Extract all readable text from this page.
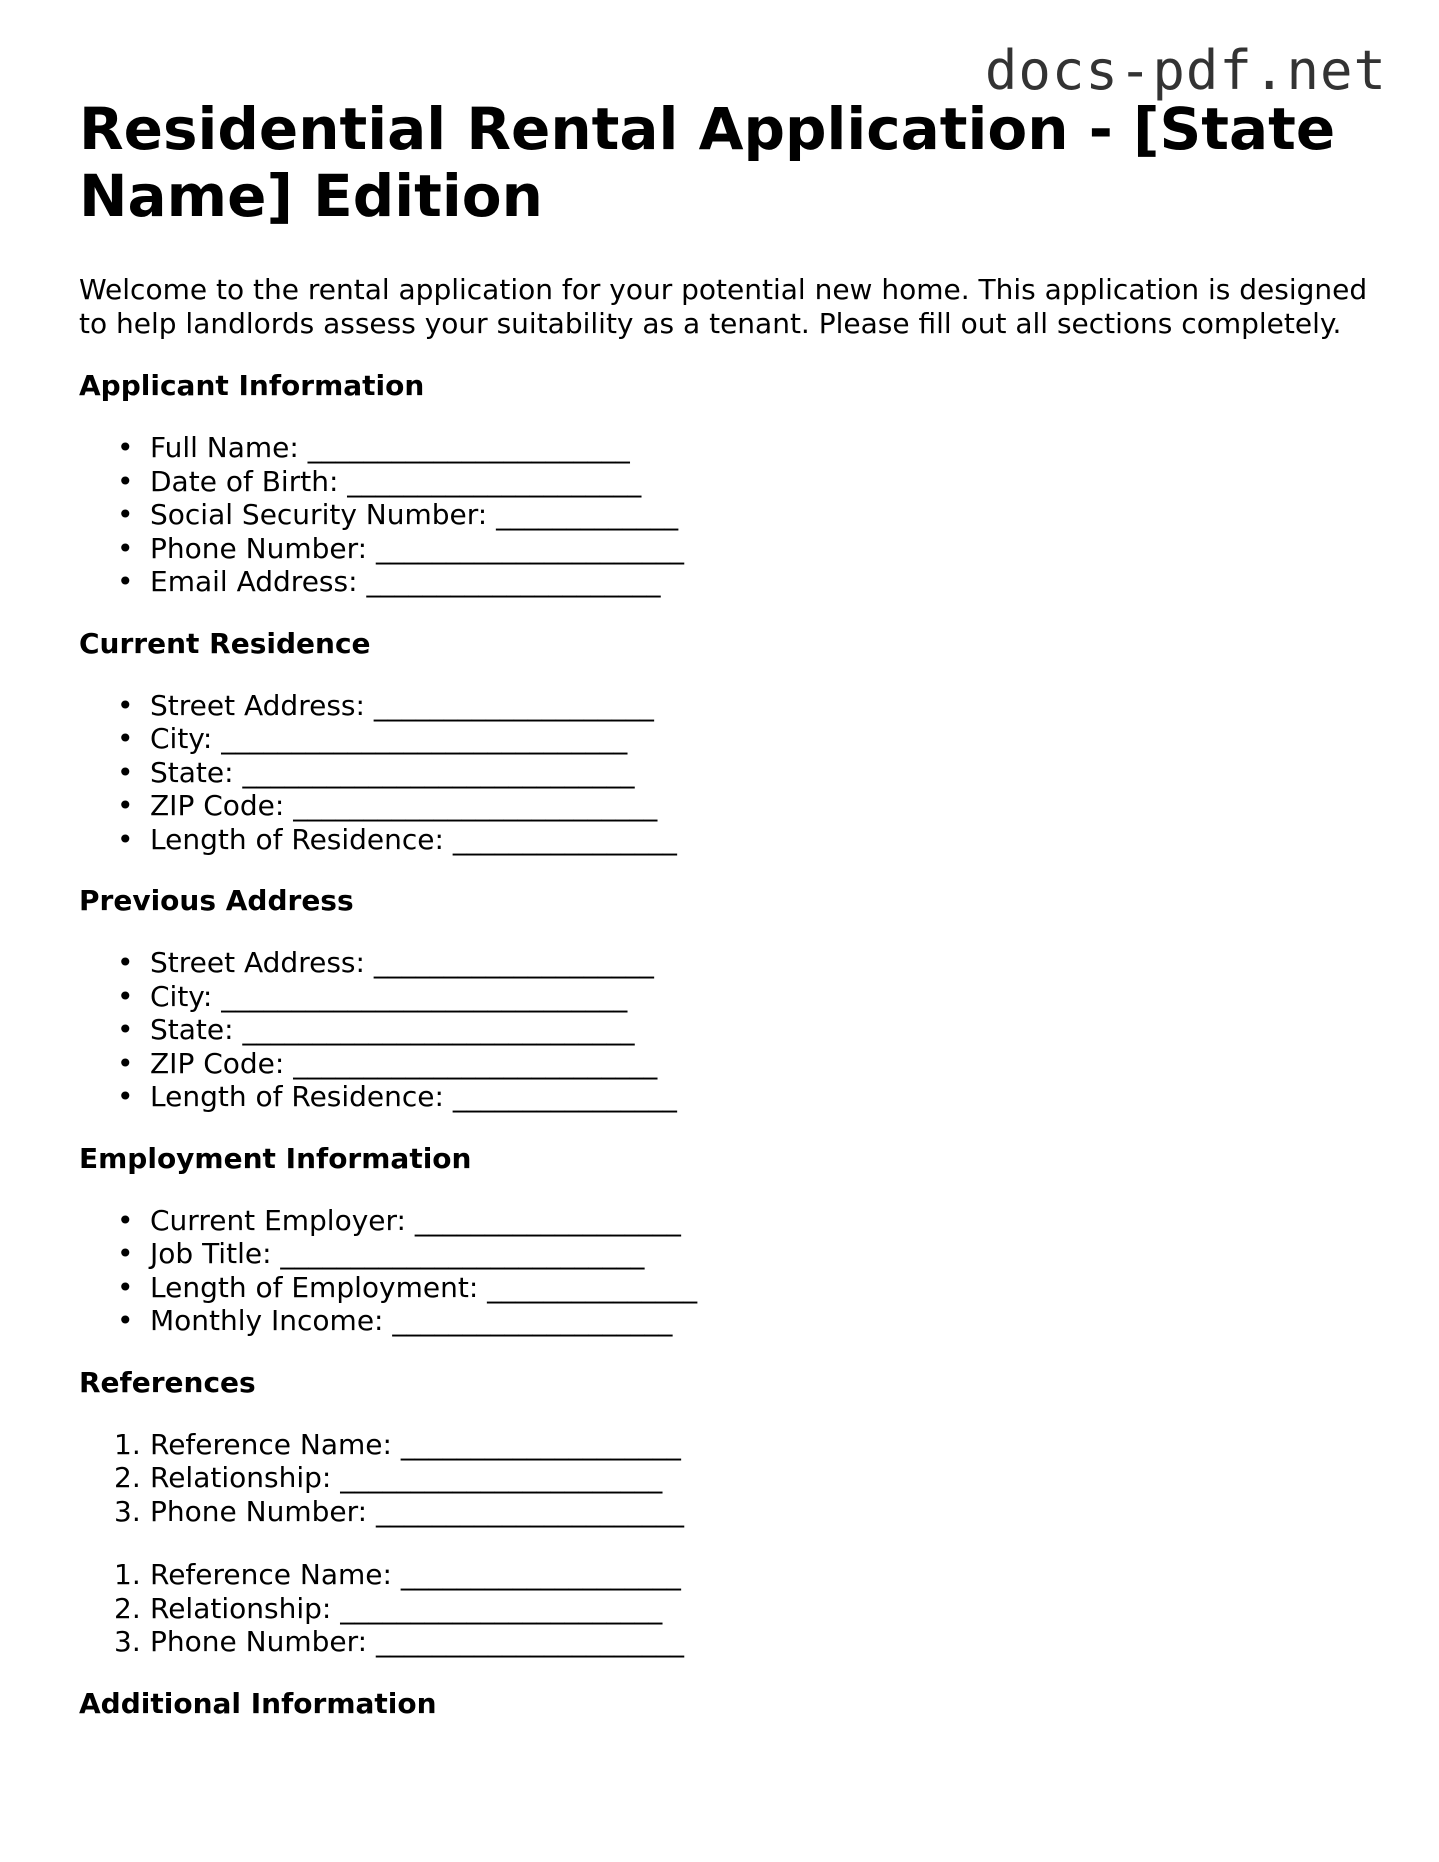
docs-pdf.net
Residential Rental Application - [State Name] Edition

Welcome to the rental application for your potential new home. This application is designed to help landlords assess your suitability as a tenant. Please fill out all sections completely.

Applicant Information
• Full Name: _______________________
• Date of Birth: _____________________
• Social Security Number: _____________
• Phone Number: ______________________
• Email Address: _____________________
Current Residence
• Street Address: ____________________
• City: _____________________________
• State: ____________________________
• ZIP Code: __________________________
• Length of Residence: ________________
Previous Address
• Street Address: ____________________
• City: _____________________________
• State: ____________________________
• ZIP Code: __________________________
• Length of Residence: ________________
Employment Information
• Current Employer: ___________________
• Job Title: __________________________
• Length of Employment: _______________
• Monthly Income: ____________________
References
1. Reference Name: ____________________
2. Relationship: _______________________
3. Phone Number: ______________________
1. Reference Name: ____________________
2. Relationship: _______________________
3. Phone Number: ______________________
Additional Information
